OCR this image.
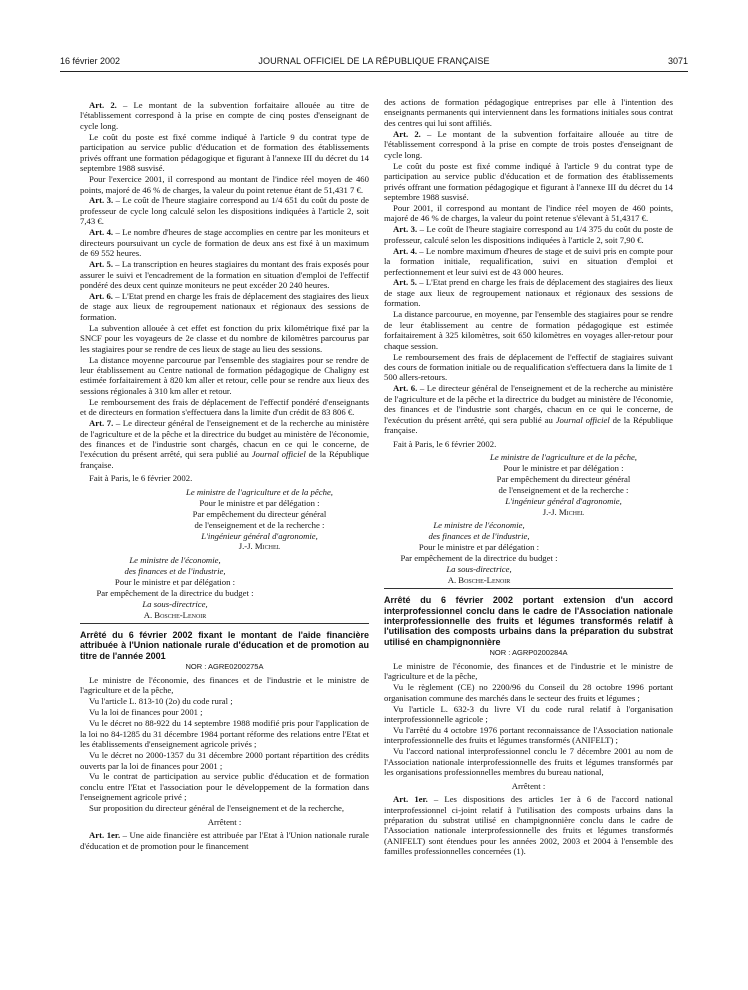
16 février 2002	JOURNAL OFFICIEL DE LA RÉPUBLIQUE FRANÇAISE	3071

Art. 2. – Le montant de la subvention forfaitaire allouée au titre de l'établissement correspond à la prise en compte de cinq postes d'enseignant de cycle long.

Le coût du poste est fixé comme indiqué à l'article 9 du contrat type de participation au service public d'éducation et de formation des établissements privés offrant une formation pédagogique et figurant à l'annexe III du décret du 14 septembre 1988 susvisé.

Pour l'exercice 2001, il correspond au montant de l'indice réel moyen de 460 points, majoré de 46 % de charges, la valeur du point retenue étant de 51,431 7 €.

Art. 3. – Le coût de l'heure stagiaire correspond au 1/4 651 du coût du poste de professeur de cycle long calculé selon les dispositions indiquées à l'article 2, soit 7,43 €.

Art. 4. – Le nombre d'heures de stage accomplies en centre par les moniteurs et directeurs poursuivant un cycle de formation de deux ans est fixé à un maximum de 69 552 heures.

Art. 5. – La transcription en heures stagiaires du montant des frais exposés pour assurer le suivi et l'encadrement de la formation en situation d'emploi de l'effectif pondéré des deux cent quinze moniteurs ne peut excéder 20 240 heures.

Art. 6. – L'Etat prend en charge les frais de déplacement des stagiaires des lieux de stage aux lieux de regroupement nationaux et régionaux des sessions de formation.

La subvention allouée à cet effet est fonction du prix kilométrique fixé par la SNCF pour les voyageurs de 2e classe et du nombre de kilomètres parcourus par les stagiaires pour se rendre de ces lieux de stage au lieu des sessions.

La distance moyenne parcourue par l'ensemble des stagiaires pour se rendre de leur établissement au Centre national de formation pédagogique de Chaligny est estimée forfaitairement à 820 km aller et retour, celle pour se rendre aux lieux des sessions régionales à 310 km aller et retour.

Le remboursement des frais de déplacement de l'effectif pondéré d'enseignants et de directeurs en formation s'effectuera dans la limite d'un crédit de 83 806 €.

Art. 7. – Le directeur général de l'enseignement et de la recherche au ministère de l'agriculture et de la pêche et la directrice du budget au ministère de l'économie, des finances et de l'industrie sont chargés, chacun en ce qui le concerne, de l'exécution du présent arrêté, qui sera publié au Journal officiel de la République française.

Fait à Paris, le 6 février 2002.

Le ministre de l'agriculture et de la pêche,

Pour le ministre et par délégation :

Par empêchement du directeur général

de l'enseignement et de la recherche :

L'ingénieur général d'agronomie,

J.-J. Michel

Le ministre de l'économie,

des finances et de l'industrie,

Pour le ministre et par délégation :

Par empêchement de la directrice du budget :

La sous-directrice,

A. Bosche-Lenoir

Arrêté du 6 février 2002 fixant le montant de l'aide financière attribuée à l'Union nationale rurale d'éducation et de promotion au titre de l'année 2001

NOR : AGRE0200275A

Le ministre de l'économie, des finances et de l'industrie et le ministre de l'agriculture et de la pêche,

Vu l'article L. 813-10 (2o) du code rural ;

Vu la loi de finances pour 2001 ;

Vu le décret no 88-922 du 14 septembre 1988 modifié pris pour l'application de la loi no 84-1285 du 31 décembre 1984 portant réforme des relations entre l'Etat et les établissements d'enseignement agricole privés ;

Vu le décret no 2000-1357 du 31 décembre 2000 portant répartition des crédits ouverts par la loi de finances pour 2001 ;

Vu le contrat de participation au service public d'éducation et de formation conclu entre l'Etat et l'association pour le développement de la formation dans l'enseignement agricole privé ;

Sur proposition du directeur général de l'enseignement et de la recherche,

Arrêtent :

Art. 1er. – Une aide financière est attribuée par l'Etat à l'Union nationale rurale d'éducation et de promotion pour le financement

des actions de formation pédagogique entreprises par elle à l'intention des enseignants permanents qui interviennent dans les formations initiales sous contrat des centres qui lui sont affiliés.

Art. 2. – Le montant de la subvention forfaitaire allouée au titre de l'établissement correspond à la prise en compte de trois postes d'enseignant de cycle long.

Le coût du poste est fixé comme indiqué à l'article 9 du contrat type de participation au service public d'éducation et de formation des établissements privés offrant une formation pédagogique et figurant à l'annexe III du décret du 14 septembre 1988 susvisé.

Pour 2001, il correspond au montant de l'indice réel moyen de 460 points, majoré de 46 % de charges, la valeur du point retenue s'élevant à 51,4317 €.

Art. 3. – Le coût de l'heure stagiaire correspond au 1/4 375 du coût du poste de professeur, calculé selon les dispositions indiquées à l'article 2, soit 7,90 €.

Art. 4. – Le nombre maximum d'heures de stage et de suivi pris en compte pour la formation initiale, requalification, suivi en situation d'emploi et perfectionnement et leur suivi est de 43 000 heures.

Art. 5. – L'Etat prend en charge les frais de déplacement des stagiaires des lieux de stage aux lieux de regroupement nationaux et régionaux des sessions de formation.

La distance parcourue, en moyenne, par l'ensemble des stagiaires pour se rendre de leur établissement au centre de formation pédagogique est estimée forfaitairement à 325 kilomètres, soit 650 kilomètres en voyages aller-retour pour chaque session.

Le remboursement des frais de déplacement de l'effectif de stagiaires suivant des cours de formation initiale ou de requalification s'effectuera dans la limite de 1 500 allers-retours.

Art. 6. – Le directeur général de l'enseignement et de la recherche au ministère de l'agriculture et de la pêche et la directrice du budget au ministère de l'économie, des finances et de l'industrie sont chargés, chacun en ce qui le concerne, de l'exécution du présent arrêté, qui sera publié au Journal officiel de la République française.

Fait à Paris, le 6 février 2002.

Le ministre de l'agriculture et de la pêche,

Pour le ministre et par délégation :

Par empêchement du directeur général

de l'enseignement et de la recherche :

L'ingénieur général d'agronomie,

J.-J. Michel

Le ministre de l'économie,

des finances et de l'industrie,

Pour le ministre et par délégation :

Par empêchement de la directrice du budget :

La sous-directrice,

A. Bosche-Lenoir

Arrêté du 6 février 2002 portant extension d'un accord interprofessionnel conclu dans le cadre de l'Association nationale interprofessionnelle des fruits et légumes transformés relatif à l'utilisation des composts urbains dans la préparation du substrat utilisé en champignonnière

NOR : AGRP0200284A

Le ministre de l'économie, des finances et de l'industrie et le ministre de l'agriculture et de la pêche,

Vu le règlement (CE) no 2200/96 du Conseil du 28 octobre 1996 portant organisation commune des marchés dans le secteur des fruits et légumes ;

Vu l'article L. 632-3 du livre VI du code rural relatif à l'organisation interprofessionnelle agricole ;

Vu l'arrêté du 4 octobre 1976 portant reconnaissance de l'Association nationale interprofessionnelle des fruits et légumes transformés (ANIFELT) ;

Vu l'accord national interprofessionnel conclu le 7 décembre 2001 au nom de l'Association nationale interprofessionnelle des fruits et légumes transformés par les organisations professionnelles membres du bureau national,

Arrêtent :

Art. 1er. – Les dispositions des articles 1er à 6 de l'accord national interprofessionnel ci-joint relatif à l'utilisation des composts urbains dans la préparation du substrat utilisé en champignonnière conclu dans le cadre de l'Association nationale interprofessionnelle des fruits et légumes transformés (ANIFELT) sont étendues pour les années 2002, 2003 et 2004 à l'ensemble des familles professionnelles concernées (1).
